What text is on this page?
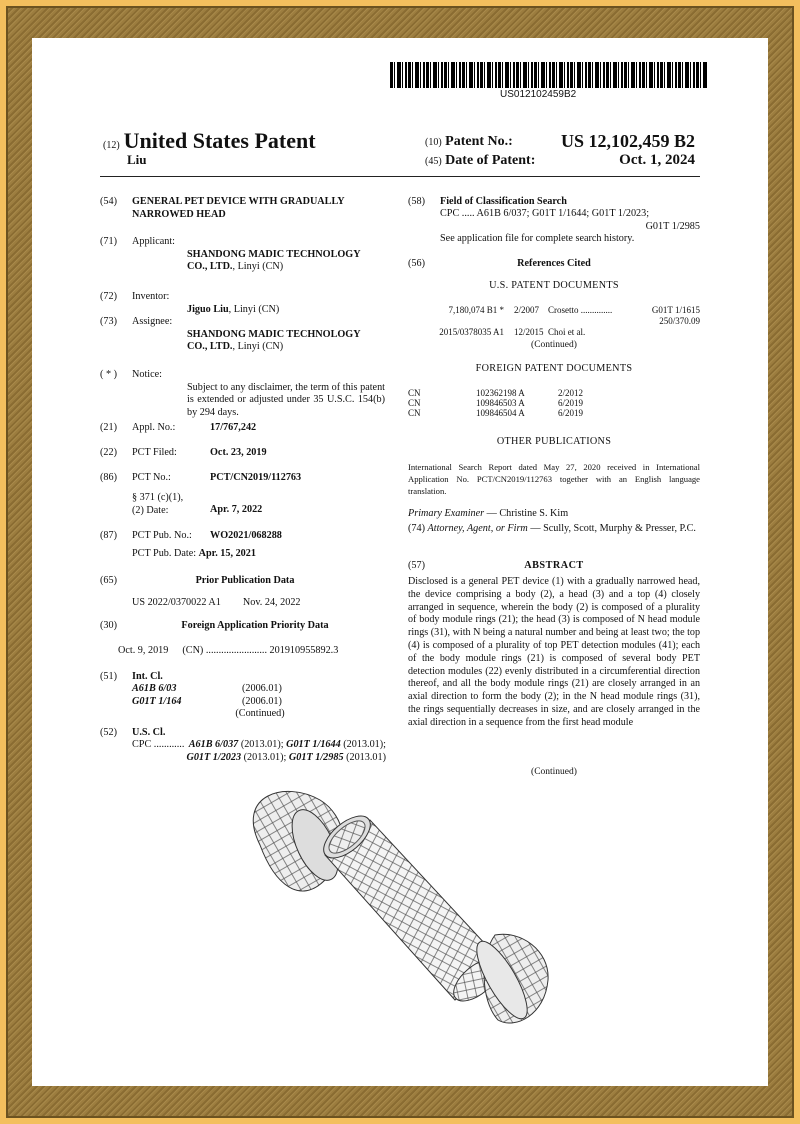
US012102459B2
(12) United States Patent
Liu
(10) Patent No.:	US 12,102,459 B2
(45) Date of Patent:	Oct. 1, 2024
(54) GENERAL PET DEVICE WITH GRADUALLY NARROWED HEAD
(71) Applicant:
SHANDONG MADIC TECHNOLOGY CO., LTD., Linyi (CN)
(72) Inventor:
Jiguo Liu, Linyi (CN)
(73) Assignee:
SHANDONG MADIC TECHNOLOGY CO., LTD., Linyi (CN)
( * ) Notice:
Subject to any disclaimer, the term of this patent is extended or adjusted under 35 U.S.C. 154(b) by 294 days.
(21) Appl. No.:	17/767,242
(22) PCT Filed:	Oct. 23, 2019
(86) PCT No.:	PCT/CN2019/112763
§ 371 (c)(1),
(2) Date:	Apr. 7, 2022
(87) PCT Pub. No.: WO2021/068288
PCT Pub. Date: Apr. 15, 2021
(65)	Prior Publication Data
US 2022/0370022 A1 Nov. 24, 2022
(30)	Foreign Application Priority Data
Oct. 9, 2019 (CN) ........................ 201910955892.3
(51) Int. Cl.
A61B 6/03	(2006.01)
G01T 1/164	(2006.01)
(Continued)
(52) U.S. Cl.
CPC ............ A61B 6/037 (2013.01); G01T 1/1644 (2013.01); G01T 1/2023 (2013.01); G01T 1/2985 (2013.01)
(58) Field of Classification Search
CPC ..... A61B 6/037; G01T 1/1644; G01T 1/2023;
G01T 1/2985
See application file for complete search history.
(56)	References Cited
U.S. PATENT DOCUMENTS
7,180,074 B1 * 2/2007 Crosetto ..............	G01T 1/1615
250/370.09
2015/0378035 A1 12/2015 Choi et al.
(Continued)
FOREIGN PATENT DOCUMENTS
CN	102362198 A	2/2012
CN	109846503 A	6/2019
CN	109846504 A	6/2019
OTHER PUBLICATIONS
International Search Report dated May 27, 2020 received in International Application No. PCT/CN2019/112763 together with an English language translation.
Primary Examiner — Christine S. Kim
(74) Attorney, Agent, or Firm — Scully, Scott, Murphy & Presser, P.C.
(57)	ABSTRACT
Disclosed is a general PET device (1) with a gradually narrowed head, the device comprising a body (2), a head (3) and a top (4) closely arranged in sequence, wherein the body (2) is composed of a plurality of body module rings (21); the head (3) is composed of N head module rings (31), with N being a natural number and being at least two; the top (4) is composed of a plurality of top PET detection modules (41); each of the body module rings (21) is composed of several body PET detection modules (22) evenly distributed in a circumferential direction thereof, and all the body module rings (21) are closely arranged in an axial direction to form the body (2); in the N head module rings (31), the rings sequentially decreases in size, and are closely arranged in the axial direction in a sequence from the first head module
(Continued)
